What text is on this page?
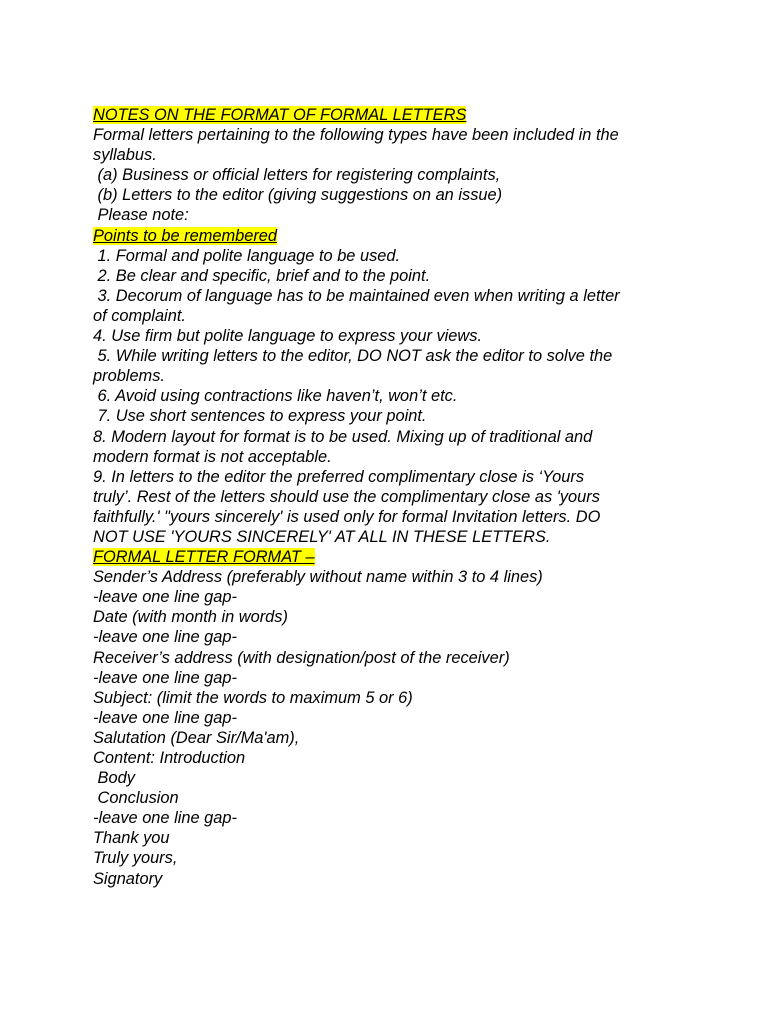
NOTES ON THE FORMAT OF FORMAL LETTERS
Formal letters pertaining to the following types have been included in the
syllabus.
(a) Business or official letters for registering complaints,
(b) Letters to the editor (giving suggestions on an issue)
Please note:
Points to be remembered
1. Formal and polite language to be used.
2. Be clear and specific, brief and to the point.
3. Decorum of language has to be maintained even when writing a letter
of complaint.
4. Use firm but polite language to express your views.
5. While writing letters to the editor, DO NOT ask the editor to solve the
problems.
6. Avoid using contractions like haven’t, won’t etc.
7. Use short sentences to express your point.
8. Modern layout for format is to be used. Mixing up of traditional and
modern format is not acceptable.
9. In letters to the editor the preferred complimentary close is ‘Yours
truly’. Rest of the letters should use the complimentary close as 'yours
faithfully.' "yours sincerely' is used only for formal Invitation letters. DO
NOT USE 'YOURS SINCERELY' AT ALL IN THESE LETTERS.
FORMAL LETTER FORMAT –
Sender’s Address (preferably without name within 3 to 4 lines)
-leave one line gap-
Date (with month in words)
-leave one line gap-
Receiver’s address (with designation/post of the receiver)
-leave one line gap-
Subject: (limit the words to maximum 5 or 6)
-leave one line gap-
Salutation (Dear Sir/Ma'am),
Content: Introduction
Body
Conclusion
-leave one line gap-
Thank you
Truly yours,
Signatory
